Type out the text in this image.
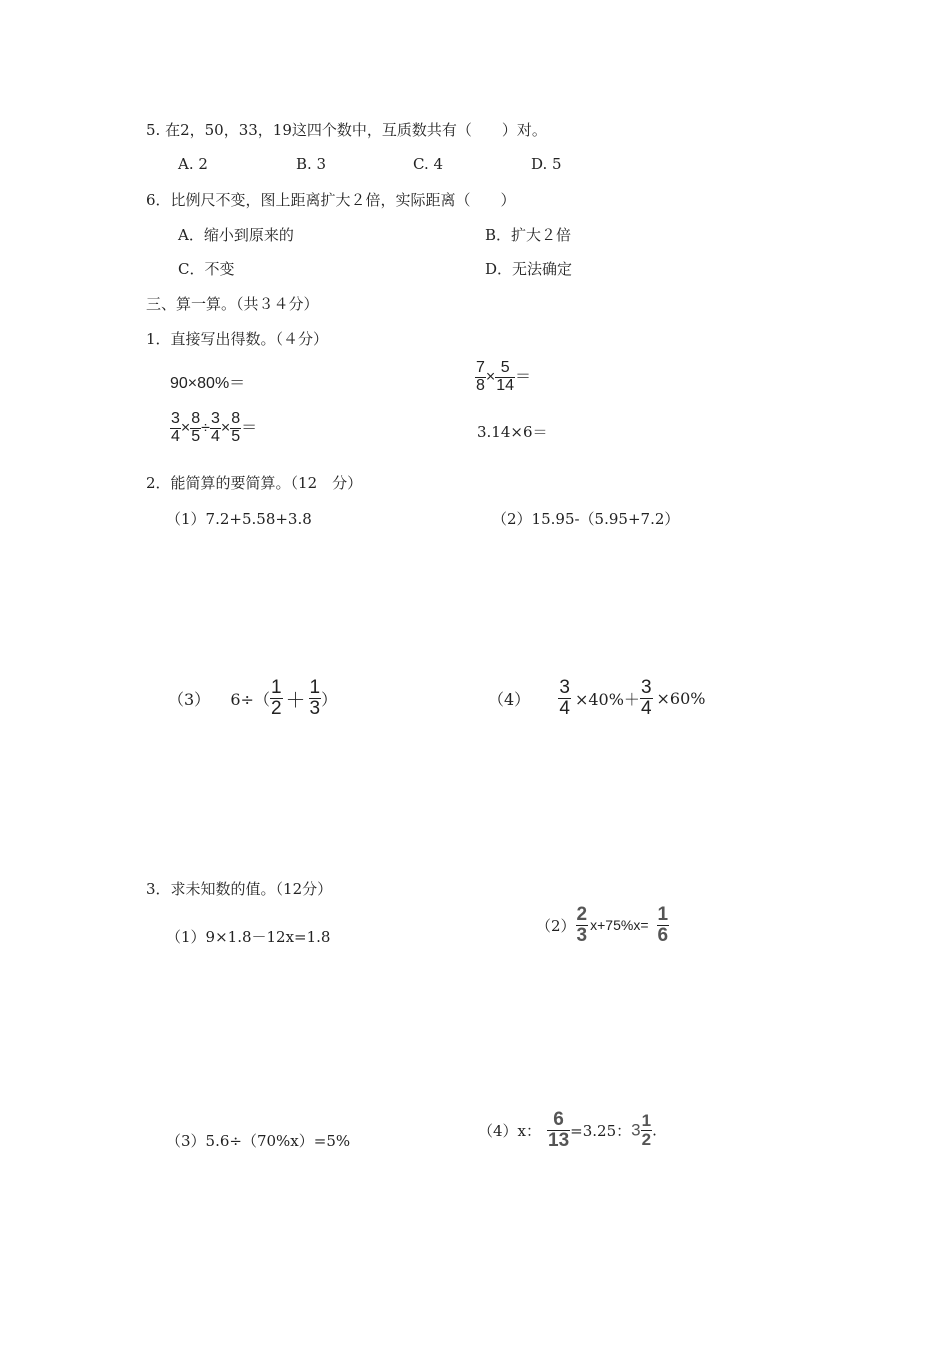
5. 在2，50，33，19这四个数中，互质数共有（　　）对。
A. 2	B. 3	C. 4	D. 5
6．比例尺不变，图上距离扩大２倍，实际距离（　　）
A．缩小到原来的	B．扩大２倍
C．不变	D．无法确定
三、算一算。（共３４分）
1．直接写出得数。（４分）
90×80%＝	$\frac{7}{8} \times \frac{5}{14}$ ＝
$\frac{3}{4} \times \frac{8}{5} \div \frac{3}{4} \times \frac{8}{5}$ ＝	3.14×6＝
2．能简算的要简算。（12　分）
（1）7.2+5.58+3.8	（2）15.95-（5.95+7.2）
（3） $6\div( \frac{1}{2} + \frac{1}{3}$ ）	$(4) \frac{3}{4} \times 40\%+ \frac{3}{4} \times 60\%$
3．求未知数的值。（12分）
（1）9×1.8－12x=1.8
$(2) \frac{2}{3} x+75\%x= \frac{1}{6}$
（3）5.6÷（70%x）=5%
（4）x： $\frac{6}{13} =3.25$：$3 \frac{1}{2}$ .
